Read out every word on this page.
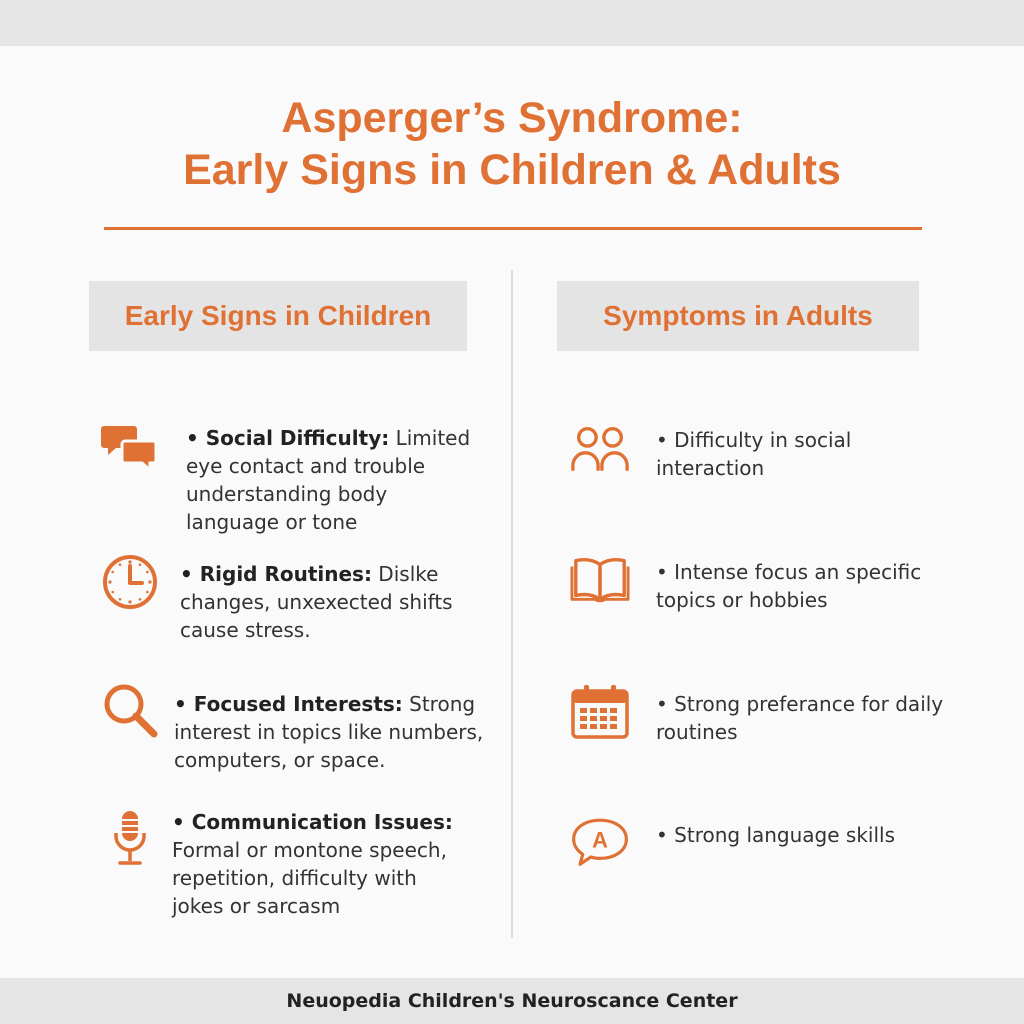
Asperger’s Syndrome:
Early Signs in Children & Adults
Early Signs in Children	Symptoms in Adults
• Social Difficulty: Limited eye contact and trouble understanding body language or tone
• Rigid Routines: Dislke changes, unxexected shifts cause stress.
• Focused Interests: Strong interest in topics like numbers, computers, or space.
• Communication Issues: Formal or montone speech, repetition, difficulty with jokes or sarcasm
• Difficulty in social interaction
• Intense focus an specific topics or hobbies
• Strong preferance for daily routines
A • Strong language skills
Neuopedia Children's Neuroscance Center
